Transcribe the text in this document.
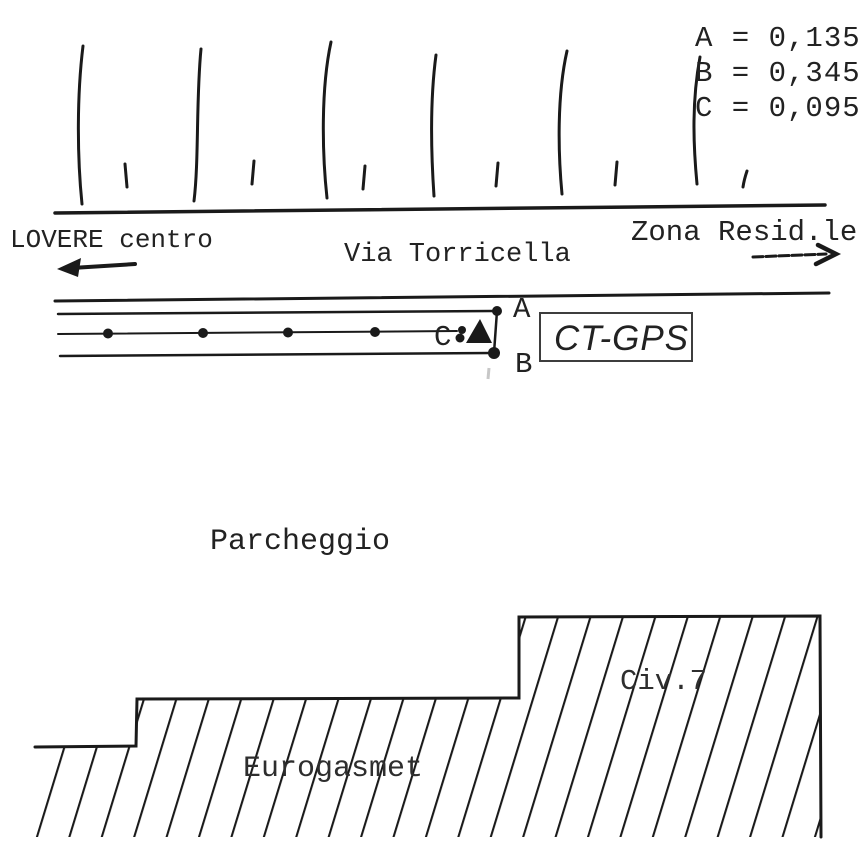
A = 0,135
B = 0,345
C = 0,095
LOVERE centro	Via Torricella
Zona Resid.le
A
B
C	CT-GPS
Parcheggio
Eurogasmet
Civ.7
